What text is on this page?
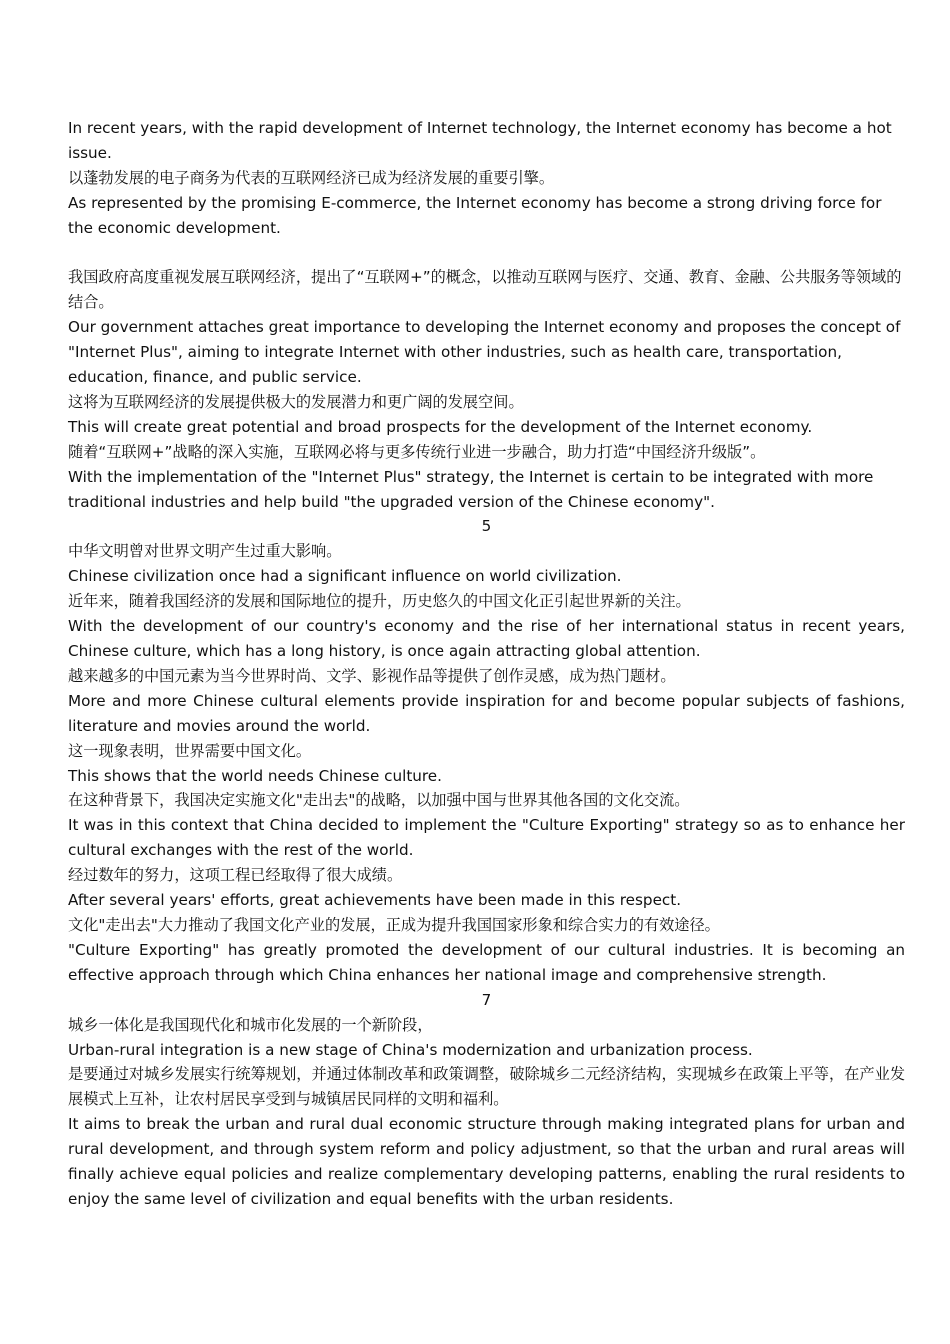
In recent years, with the rapid development of Internet technology, the Internet economy has become a hot issue.

以蓬勃发展的电子商务为代表的互联网经济已成为经济发展的重要引擎。

As represented by the promising E-commerce, the Internet economy has become a strong driving force for the economic development.

我国政府高度重视发展互联网经济，提出了“互联网+”的概念，以推动互联网与医疗、交通、教育、金融、公共服务等领域的结合。

Our government attaches great importance to developing the Internet economy and proposes the concept of "Internet Plus", aiming to integrate Internet with other industries, such as health care, transportation, education, finance, and public service.

这将为互联网经济的发展提供极大的发展潜力和更广阔的发展空间。

This will create great potential and broad prospects for the development of the Internet economy.

随着“互联网+”战略的深入实施，互联网必将与更多传统行业进一步融合，助力打造“中国经济升级版”。

With the implementation of the "Internet Plus" strategy, the Internet is certain to be integrated with more traditional industries and help build "the upgraded version of the Chinese economy".

5

中华文明曾对世界文明产生过重大影响。

Chinese civilization once had a significant influence on world civilization.

近年来，随着我国经济的发展和国际地位的提升，历史悠久的中国文化正引起世界新的关注。

With the development of our country's economy and the rise of her international status in recent years, Chinese culture, which has a long history, is once again attracting global attention.

越来越多的中国元素为当今世界时尚、文学、影视作品等提供了创作灵感，成为热门题材。

More and more Chinese cultural elements provide inspiration for and become popular subjects of fashions, literature and movies around the world.

这一现象表明，世界需要中国文化。

This shows that the world needs Chinese culture.

在这种背景下，我国决定实施文化"走出去"的战略，以加强中国与世界其他各国的文化交流。

It was in this context that China decided to implement the "Culture Exporting" strategy so as to enhance her cultural exchanges with the rest of the world.

经过数年的努力，这项工程已经取得了很大成绩。

After several years' efforts, great achievements have been made in this respect.

文化"走出去"大力推动了我国文化产业的发展，正成为提升我国国家形象和综合实力的有效途径。

"Culture Exporting" has greatly promoted the development of our cultural industries. It is becoming an effective approach through which China enhances her national image and comprehensive strength.

7

城乡一体化是我国现代化和城市化发展的一个新阶段，

Urban-rural integration is a new stage of China's modernization and urbanization process.

是要通过对城乡发展实行统筹规划，并通过体制改革和政策调整，破除城乡二元经济结构，实现城乡在政策上平等，在产业发展模式上互补，让农村居民享受到与城镇居民同样的文明和福利。

It aims to break the urban and rural dual economic structure through making integrated plans for urban and rural development, and through system reform and policy adjustment, so that the urban and rural areas will finally achieve equal policies and realize complementary developing patterns, enabling the rural residents to enjoy the same level of civilization and equal benefits with the urban residents.
